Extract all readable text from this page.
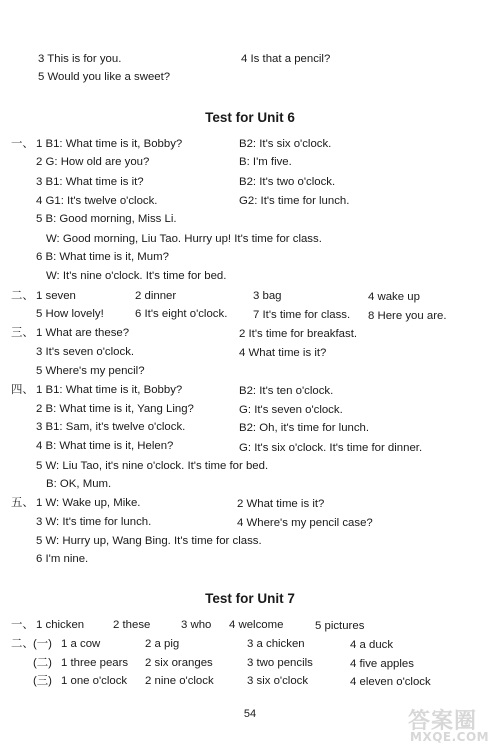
3 This is for you.	4 Is that a pencil?
5 Would you like a sweet?
Test for Unit 6
一、 1 B1: What time is it, Bobby?	B2: It's six o'clock.
2 G: How old are you?	B: I'm five.
3 B1: What time is it?	B2: It's two o'clock.
4 G1: It's twelve o'clock.	G2: It's time for lunch.
5 B: Good morning, Miss Li.
W: Good morning, Liu Tao. Hurry up! It's time for class.
6 B: What time is it, Mum?
W: It's nine o'clock. It's time for bed.
二、 1 seven	2 dinner	3 bag	4 wake up
5 How lovely!	6 It's eight o'clock. 7 It's time for class. 8 Here you are.
三、 1 What are these?	2 It's time for breakfast.
3 It's seven o'clock.	4 What time is it?
5 Where's my pencil?
四、 1 B1: What time is it, Bobby?	B2: It's ten o'clock.
2 B: What time is it, Yang Ling?	G: It's seven o'clock.
3 B1: Sam, it's twelve o'clock.	B2: Oh, it's time for lunch.
4 B: What time is it, Helen?	G: It's six o'clock. It's time for dinner.
5 W: Liu Tao, it's nine o'clock. It's time for bed.
B: OK, Mum.
五、 1 W: Wake up, Mike.	2 What time is it?
3 W: It's time for lunch.	4 Where's my pencil case?
5 W: Hurry up, Wang Bing. It's time for class.
6 I'm nine.
Test for Unit 7
一、 1 chicken	2 these	3 who 4 welcome	5 pictures
二、 (一) 1 a cow	2 a pig	3 a chicken	4 a duck
(二) 1 three pears 2 six oranges	3 two pencils	4 five apples
(三) 1 one o'clock 2 nine o'clock	3 six o'clock	4 eleven o'clock
54	答案圈
MXQE.COM
